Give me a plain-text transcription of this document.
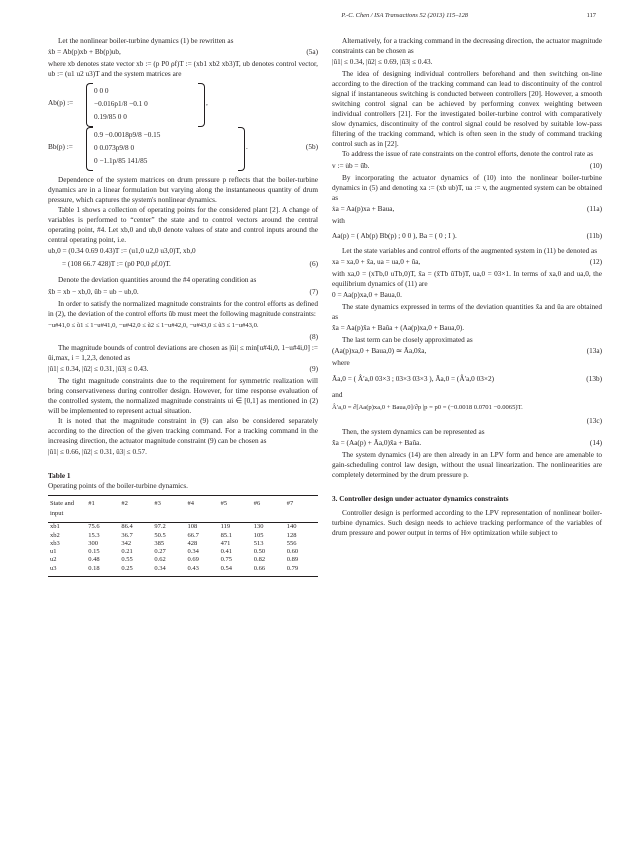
P.-C. Chen / ISA Transactions 52 (2013) 115–128	117

Let the nonlinear boiler-turbine dynamics (1) be rewritten as

ẋb = Ab(p)xb + Bb(p)ub,	(5a)

where xb denotes state vector xb := (p P0 ρf)T := (xb1 xb2 xb3)T, ub denotes control vector, ub := (u1 u2 u3)T and the system matrices are

Ab(p) :=
0 0 0
−0.016p1/8 −0.1 0
0.19/85 0 0
,
Bb(p) :=
0.9 −0.0018p9/8 −0.15
0 0.073p9/8 0
0 −1.1p/85 141/85
.	(5b)

Dependence of the system matrices on drum pressure p reflects that the boiler-turbine dynamics are in a linear formulation but varying along the instantaneous quantity of drum pressure, which captures the system's nonlinear dynamics.

Table 1 shows a collection of operating points for the considered plant [2]. A change of variables is performed to “center” the state and to control vectors around the central operating point, #4. Let xb,0 and ub,0 denote values of state and control inputs around the central operating point, i.e.

ub,0 = (0.34 0.69 0.43)T := (u1,0 u2,0 u3,0)T, xb,0
= (108 66.7 428)T := (p0 P0,0 ρf,0)T.	(6)

Denote the deviation quantities around the #4 operating condition as

x̃b = xb − xb,0, ũb = ub − ub,0.	(7)

In order to satisfy the normalized magnitude constraints for the control efforts as defined in (2), the deviation of the control efforts ũb must meet the following magnitude constraints:

−u#41,0 ≤ ũ1 ≤ 1−u#41,0, −u#42,0 ≤ ũ2 ≤ 1−u#42,0, −u#43,0 ≤ ũ3 ≤ 1−u#43,0.
(8)

The magnitude bounds of control deviations are chosen as |ũi| ≤ min[u#4i,0, 1−u#4i,0] := ũi,max, i = 1,2,3, denoted as

|ũ1| ≤ 0.34, |ũ2| ≤ 0.31, |ũ3| ≤ 0.43.	(9)

The tight magnitude constraints due to the requirement for symmetric realization will bring conservativeness during controller design. However, for time response evaluation of the controlled system, the normalized magnitude constraints ui ∈ [0,1] as mentioned in (2) will be implemented to represent actual situation.

It is noted that the magnitude constraint in (9) can also be considered separately according to the direction of the given tracking command. For a tracking command in the increasing direction, the actuator magnitude constraint (9) can be chosen as

|ũ1| ≤ 0.66, |ũ2| ≤ 0.31, ũ3| ≤ 0.57.
Table 1
Operating points of the boiler-turbine dynamics.
State and input	#1	#2	#3	#4	#5	#6	#7
xb1	75.6	86.4	97.2	108	119	130	140
xb2	15.3	36.7	50.5	66.7	85.1	105	128
xb3	300	342	385	428	471	513	556
u1	0.15	0.21	0.27	0.34	0.41	0.50	0.60
u2	0.48	0.55	0.62	0.69	0.75	0.82	0.89
u3	0.18	0.25	0.34	0.43	0.54	0.66	0.79

Alternatively, for a tracking command in the decreasing direction, the actuator magnitude constraints can be chosen as

|ũ1| ≤ 0.34, |ũ2| ≤ 0.69, |ũ3| ≤ 0.43.

The idea of designing individual controllers beforehand and then switching on-line according to the direction of the tracking command can lead to discontinuity of the control signal if instantaneous switching is conducted between controllers [20]. However, a smooth switching control signal can be achieved by performing convex weighting between individual controllers [21]. For the investigated boiler-turbine control with comparatively slow dynamics, discontinuity of the control signal could be resolved by suitable low-pass filtering of the tracking command, which is often seen in the study of command tracking control such as in [22].

To address the issue of rate constraints on the control efforts, denote the control rate as

v := u̇b = ũ̇b.	(10)

By incorporating the actuator dynamics of (10) into the nonlinear boiler-turbine dynamics in (5) and denoting xa := (xb ub)T, ua := v, the augmented system can be obtained as

ẋa = Aa(p)xa + Baua,	(11a)

with

Aa(p) = ( Ab(p) Bb(p) ; 0 0 ), Ba = ( 0 ; I ).	(11b)

Let the state variables and control efforts of the augmented system in (11) be denoted as

xa = xa,0 + x̃a, ua = ua,0 + ũa,	(12)

with xa,0 = (xTb,0 uTb,0)T, x̃a = (x̃Tb ũTb)T, ua,0 = 03×1. In terms of xa,0 and ua,0, the equilibrium dynamics of (11) are

0 = Aa(p)xa,0 + Baua,0.

The state dynamics expressed in terms of the deviation quantities x̃a and ũa are obtained as

x̃̇a = Aa(p)x̃a + Baũa + (Aa(p)xa,0 + Baua,0).

The last term can be closely approximated as

(Aa(p)xa,0 + Baua,0) ≃ Ãa,0x̃a,	(13a)

where

Ãa,0 = ( Â′a,0 03×3 ; 03×3 03×3 ), Ãa,0 = (Â′a,0 03×2)	(13b)

and

Â′a,0 = ∂[Aa(p)xa,0 + Baua,0]/∂p |p = p0 = (−0.0018 0.0701 −0.0065)T.
(13c)

Then, the system dynamics can be represented as

x̃̇a = (Aa(p) + Ãa,0)x̃a + Baũa.	(14)

The system dynamics (14) are then already in an LPV form and hence are amenable to gain-scheduling control law design, without the usual linearization. The nonlinearities are completely determined by the drum pressure p.

3. Controller design under actuator dynamics constraints

Controller design is performed according to the LPV representation of nonlinear boiler-turbine dynamics. Such design needs to achieve tracking performance of the variables of drum pressure and power output in terms of H∞ optimization while subject to
